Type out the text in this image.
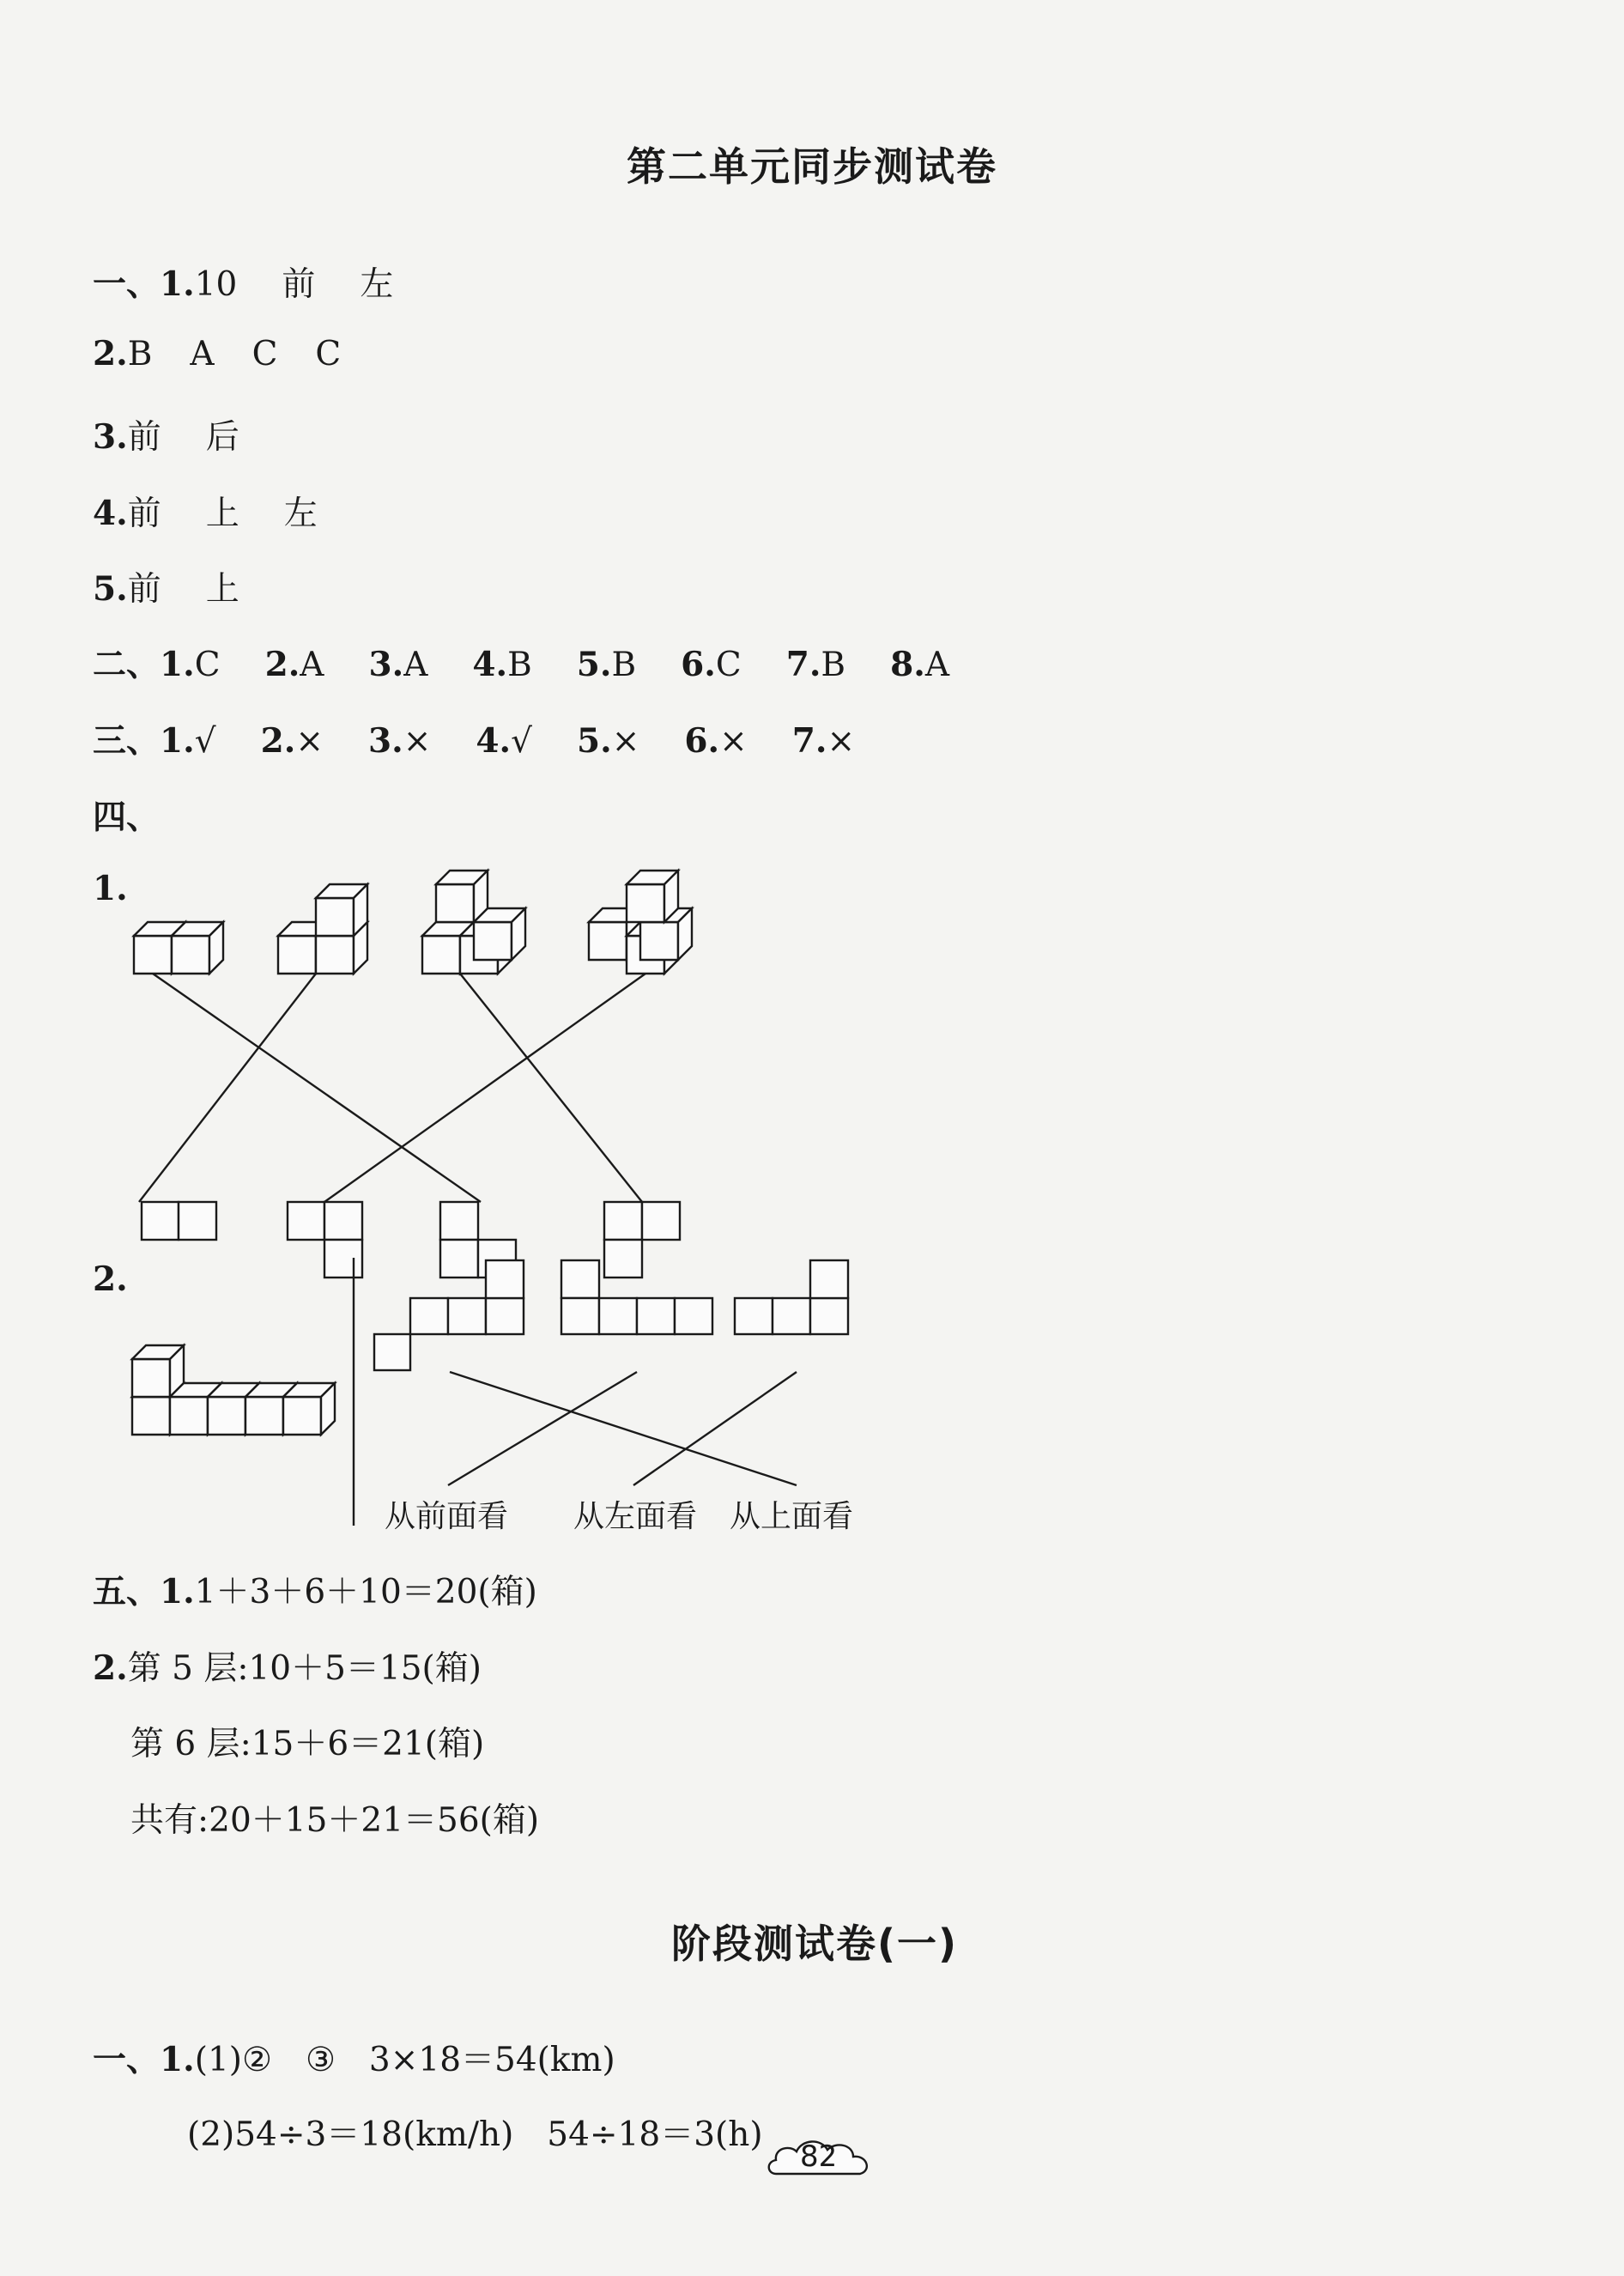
第二单元同步测试卷
一、 1. 10 前 左
2. B A C C
3. 前 后
4. 前 上 左
5. 前 上
二、 1. C 2. A 3. A 4. B 5. B 6. C 7. B 8. A
三、 1. √ 2. × 3. × 4. √ 5. × 6. × 7. ×
四、
1.
2.
从前面看 从左面看 从上面看
五、 1. 1＋3＋6＋10＝20(箱)
2. 第 5 层:10＋5＝15(箱)
第 6 层:15＋6＝21(箱)
共有:20＋15＋21＝56(箱)
阶段测试卷(一)
一、 1. (1)②　③　3×18＝54(km)
(2)54÷3＝18(km/h)　54÷18＝3(h)
82
